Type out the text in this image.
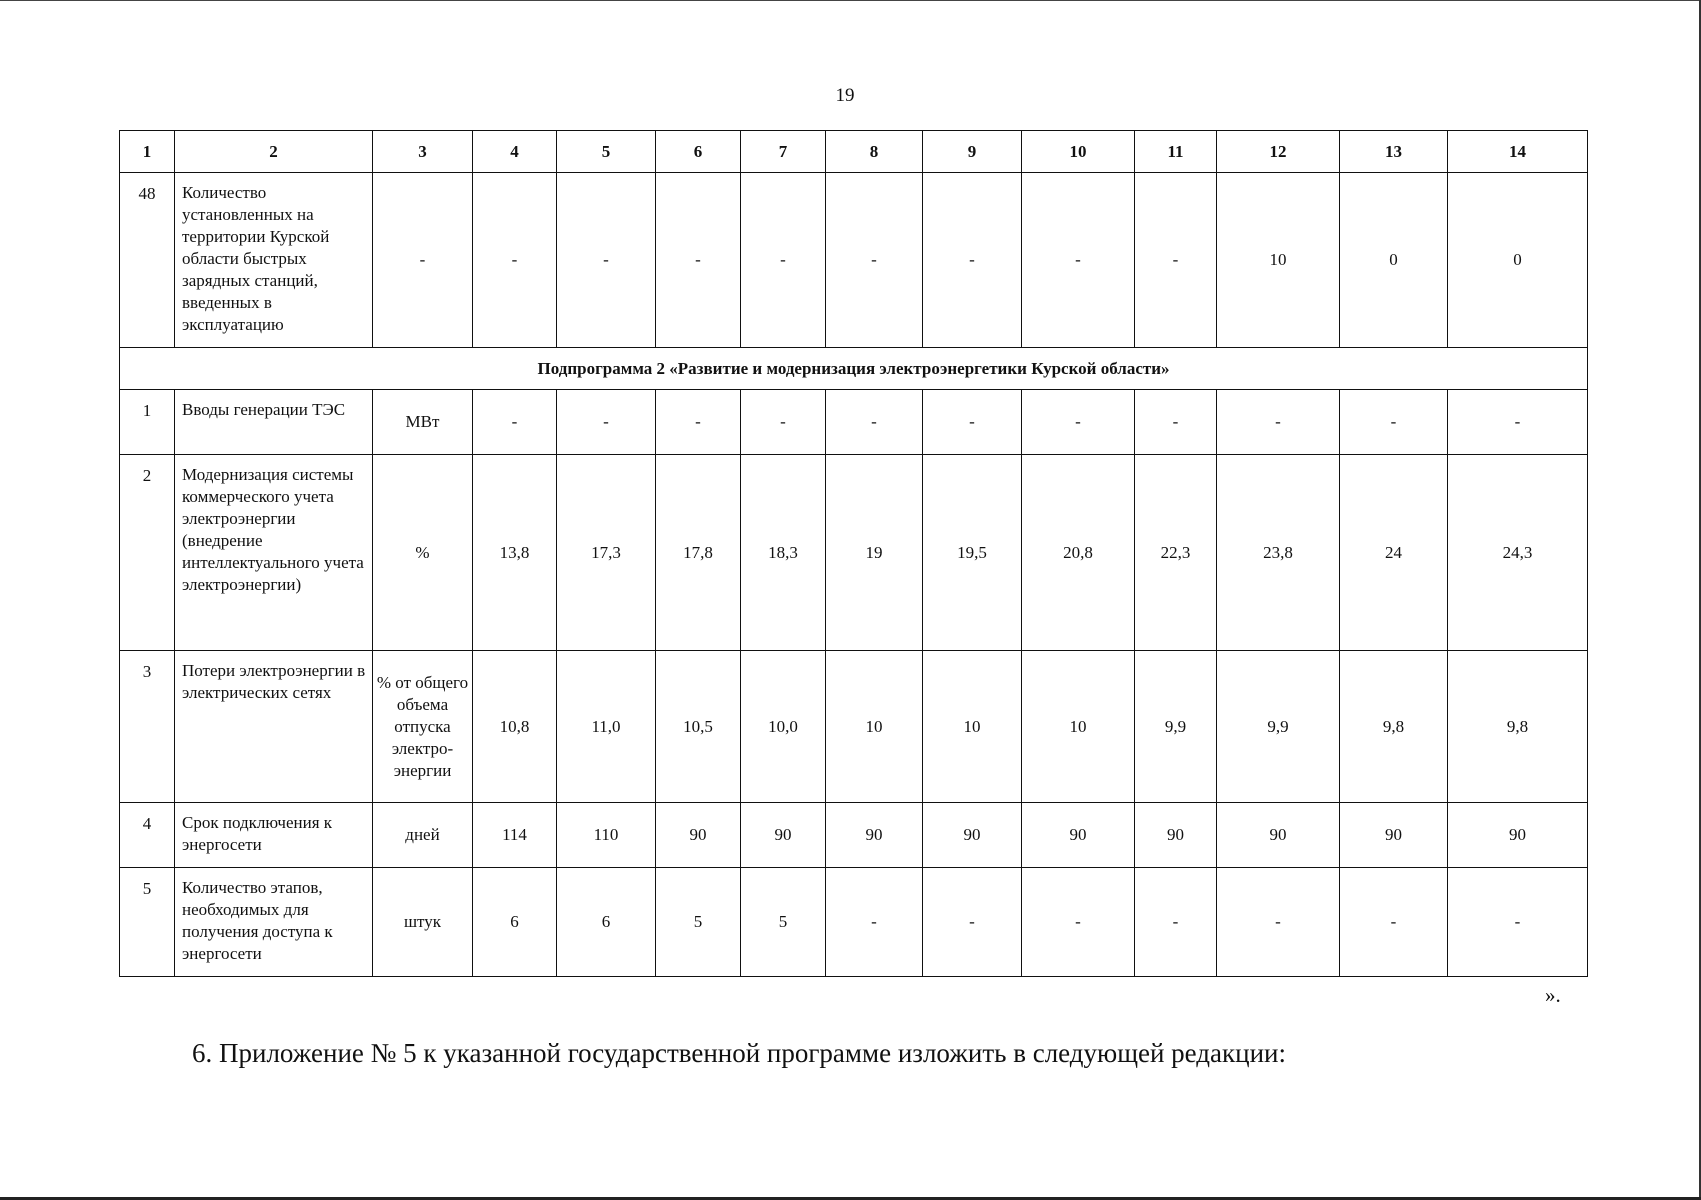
19
1	2	3	4	5	6	7	8	9	10	11	12	13	14
48	Количество установленных на территории Курской области быстрых зарядных станций, введенных в эксплуатацию	-	-	-	-	-	-	-	-	-	10	0	0
Подпрограмма 2 «Развитие и модернизация электроэнергетики Курской области»													
1	Вводы генерации ТЭС	МВт	-	-	-	-	-	-	-	-	-	-	-
2	Модернизация системы коммерческого учета электроэнергии (внедрение интеллектуального учета электроэнергии)	%	13,8	17,3	17,8	18,3	19	19,5	20,8	22,3	23,8	24	24,3
3	Потери электроэнергии в электрических сетях	% от общего объема отпуска электро-энергии	10,8	11,0	10,5	10,0	10	10	10	9,9	9,9	9,8	9,8
4	Срок подключения к энергосети	дней	114	110	90	90	90	90	90	90	90	90	90
5	Количество этапов, необходимых для получения доступа к энергосети	штук	6	6	5	5	-	-	-	-	-	-	-
».
6. Приложение № 5 к указанной государственной программе изложить в следующей редакции:
